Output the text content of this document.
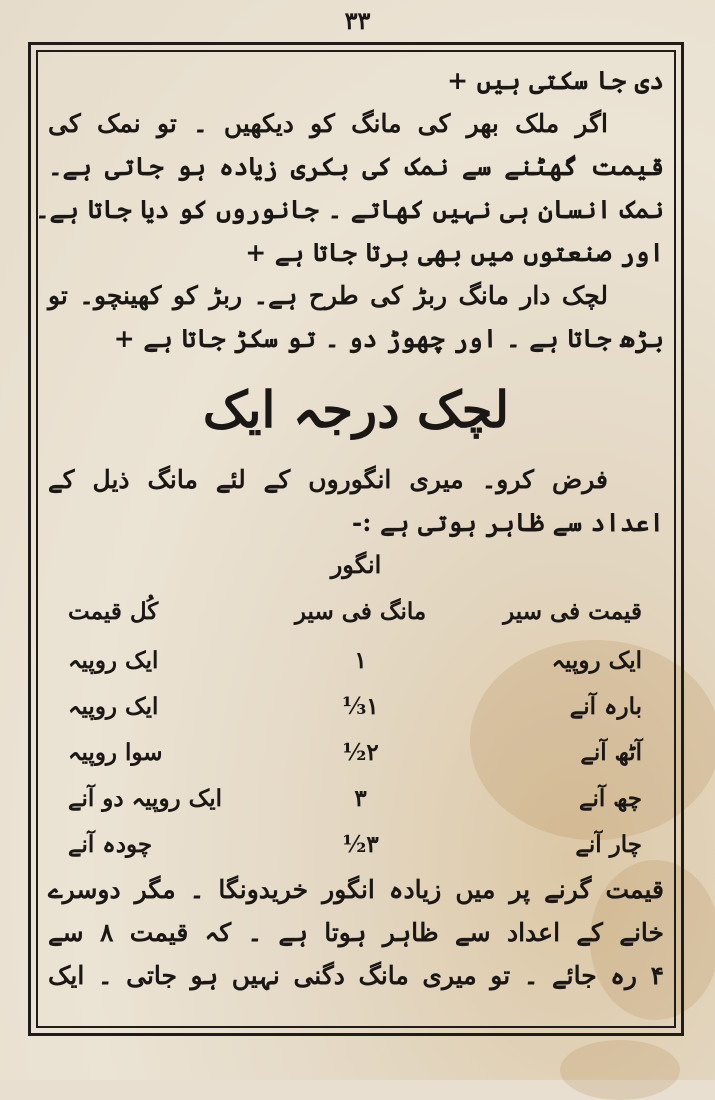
۳۳
دی جا سکتی ہیں +
اگر ملک بھر کی مانگ کو دیکھیں ۔ تو نمک کی
قیمت گھٹنے سے نمک کی بکری زیادہ ہو جاتی ہے۔
نمک انسان ہی نہیں کھاتے ۔ جانوروں کو دیا جاتا ہے۔
اور صنعتوں میں بھی برتا جاتا ہے +
لچک دار مانگ ربڑ کی طرح ہے۔ ربڑ کو کھینچو۔ تو
بڑھ جاتا ہے ۔ اور چھوڑ دو ۔ تو سکڑ جاتا ہے +
لچک درجہ ایک
فرض کرو۔ میری انگوروں کے لئے مانگ ذیل کے
اعداد سے ظاہر ہوتی ہے :-
انگور
قیمت فی سیر	مانگ فی سیر	کُل قیمت
ایک روپیہ	۱	ایک روپیہ
بارہ آنے	۱⅓	ایک روپیہ
آٹھ آنے	۲½	سوا روپیہ
چھ آنے	۳	ایک روپیہ دو آنے
چار آنے	۳½	چودہ آنے
قیمت گرنے پر میں زیادہ انگور خریدونگا ۔ مگر دوسرے
خانے کے اعداد سے ظاہر ہوتا ہے ۔ کہ قیمت ۸ سے
۴ رہ جائے ۔ تو میری مانگ دگنی نہیں ہو جاتی ۔ ایک
